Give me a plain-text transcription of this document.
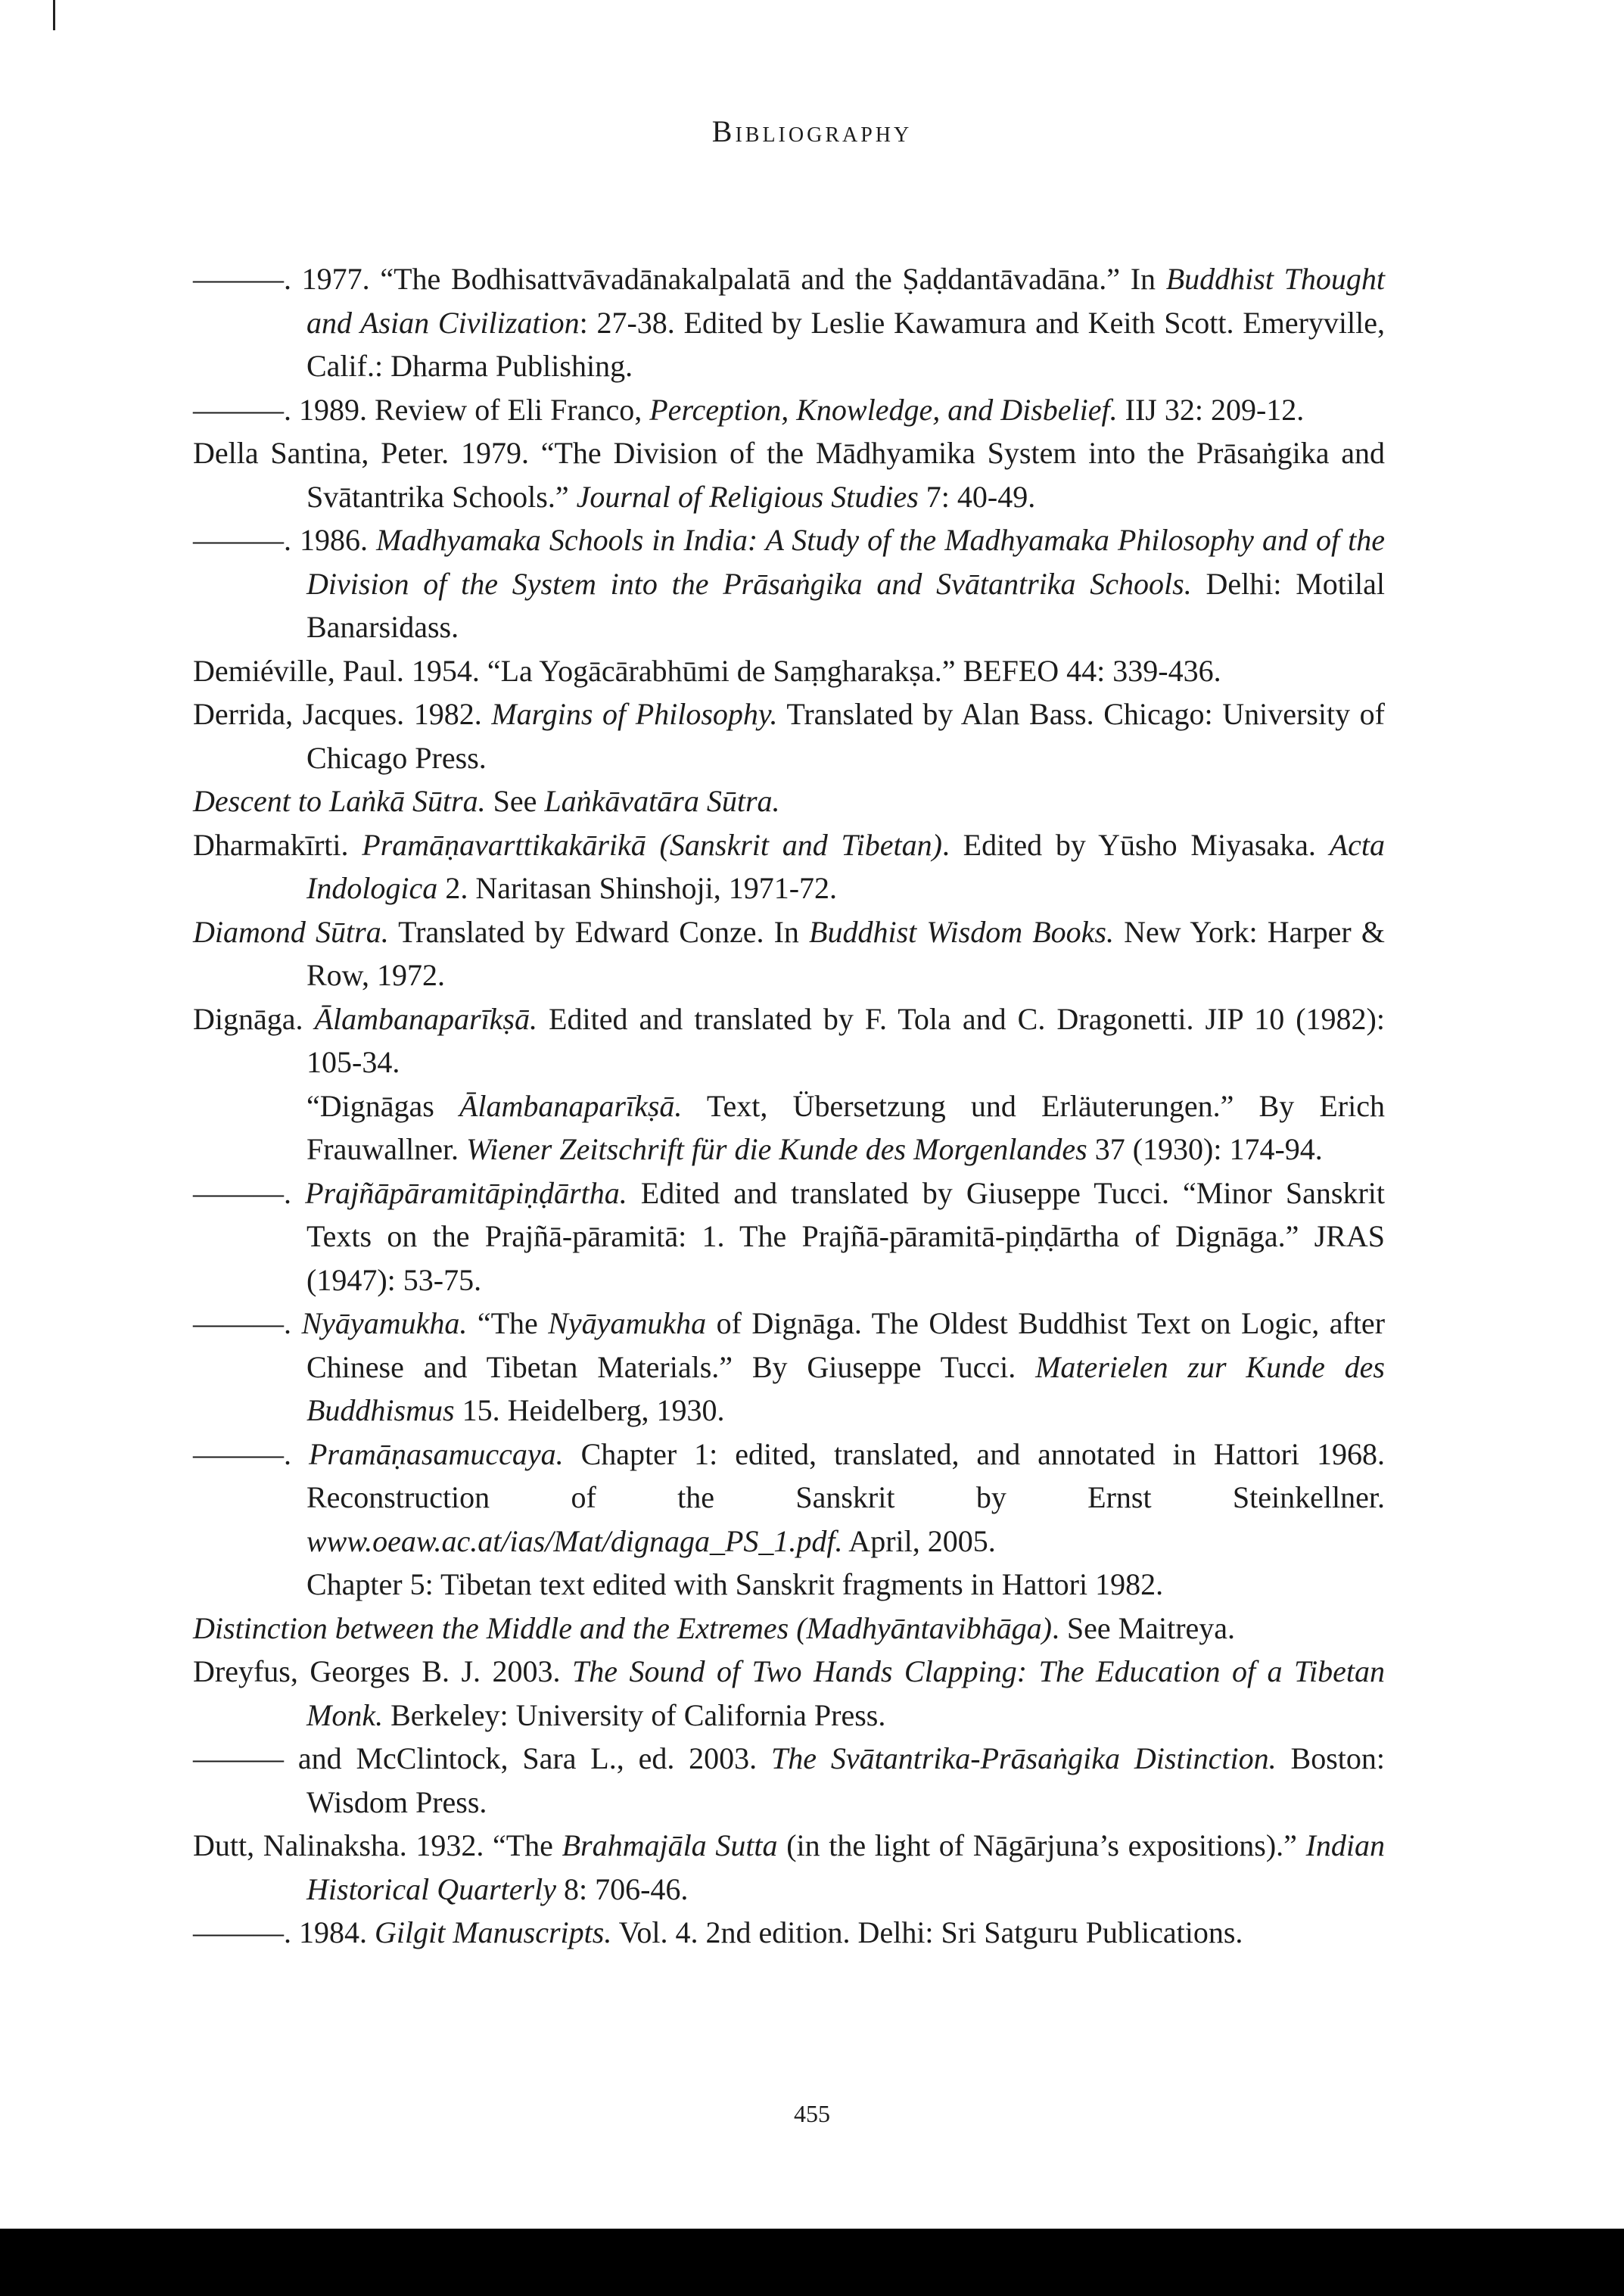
Bibliography
———. 1977. “The Bodhisattvāvadānakalpalatā and the Ṣaḍdantāvadāna.” In Buddhist Thought and Asian Civilization: 27-38. Edited by Leslie Kawamura and Keith Scott. Emeryville, Calif.: Dharma Publishing.
———. 1989. Review of Eli Franco, Perception, Knowledge, and Disbelief. IIJ 32: 209-12.
Della Santina, Peter. 1979. “The Division of the Mādhyamika System into the Prāsaṅgika and Svātantrika Schools.” Journal of Religious Studies 7: 40-49.
———. 1986. Madhyamaka Schools in India: A Study of the Madhyamaka Philosophy and of the Division of the System into the Prāsaṅgika and Svātantrika Schools. Delhi: Motilal Banarsidass.
Demiéville, Paul. 1954. “La Yogācārabhūmi de Saṃgharakṣa.” BEFEO 44: 339-436.
Derrida, Jacques. 1982. Margins of Philosophy. Translated by Alan Bass. Chicago: University of Chicago Press.
Descent to Laṅkā Sūtra. See Laṅkāvatāra Sūtra.
Dharmakīrti. Pramāṇavarttikakārikā (Sanskrit and Tibetan). Edited by Yūsho Miyasaka. Acta Indologica 2. Naritasan Shinshoji, 1971-72.
Diamond Sūtra. Translated by Edward Conze. In Buddhist Wisdom Books. New York: Harper & Row, 1972.
Dignāga. Ālambanaparīkṣā. Edited and translated by F. Tola and C. Dragonetti. JIP 10 (1982): 105-34.
“Dignāgas Ālambanaparīkṣā. Text, Übersetzung und Erläuterungen.” By Erich Frauwallner. Wiener Zeitschrift für die Kunde des Morgenlandes 37 (1930): 174-94.
———. Prajñāpāramitāpiṇḍārtha. Edited and translated by Giuseppe Tucci. “Minor Sanskrit Texts on the Prajñā-pāramitā: 1. The Prajñā-pāramitā-piṇḍārtha of Dignāga.” JRAS (1947): 53-75.
———. Nyāyamukha. “The Nyāyamukha of Dignāga. The Oldest Buddhist Text on Logic, after Chinese and Tibetan Materials.” By Giuseppe Tucci. Materielen zur Kunde des Buddhismus 15. Heidelberg, 1930.
———. Pramāṇasamuccaya. Chapter 1: edited, translated, and annotated in Hattori 1968. Reconstruction of the Sanskrit by Ernst Steinkellner. www.oeaw.ac.at/ias/Mat/dignaga_PS_1.pdf. April, 2005.
Chapter 5: Tibetan text edited with Sanskrit fragments in Hattori 1982.
Distinction between the Middle and the Extremes (Madhyāntavibhāga). See Maitreya.
Dreyfus, Georges B. J. 2003. The Sound of Two Hands Clapping: The Education of a Tibetan Monk. Berkeley: University of California Press.
——— and McClintock, Sara L., ed. 2003. The Svātantrika-Prāsaṅgika Distinction. Boston: Wisdom Press.
Dutt, Nalinaksha. 1932. “The Brahmajāla Sutta (in the light of Nāgārjuna’s expositions).” Indian Historical Quarterly 8: 706-46.
———. 1984. Gilgit Manuscripts. Vol. 4. 2nd edition. Delhi: Sri Satguru Publications.
455
